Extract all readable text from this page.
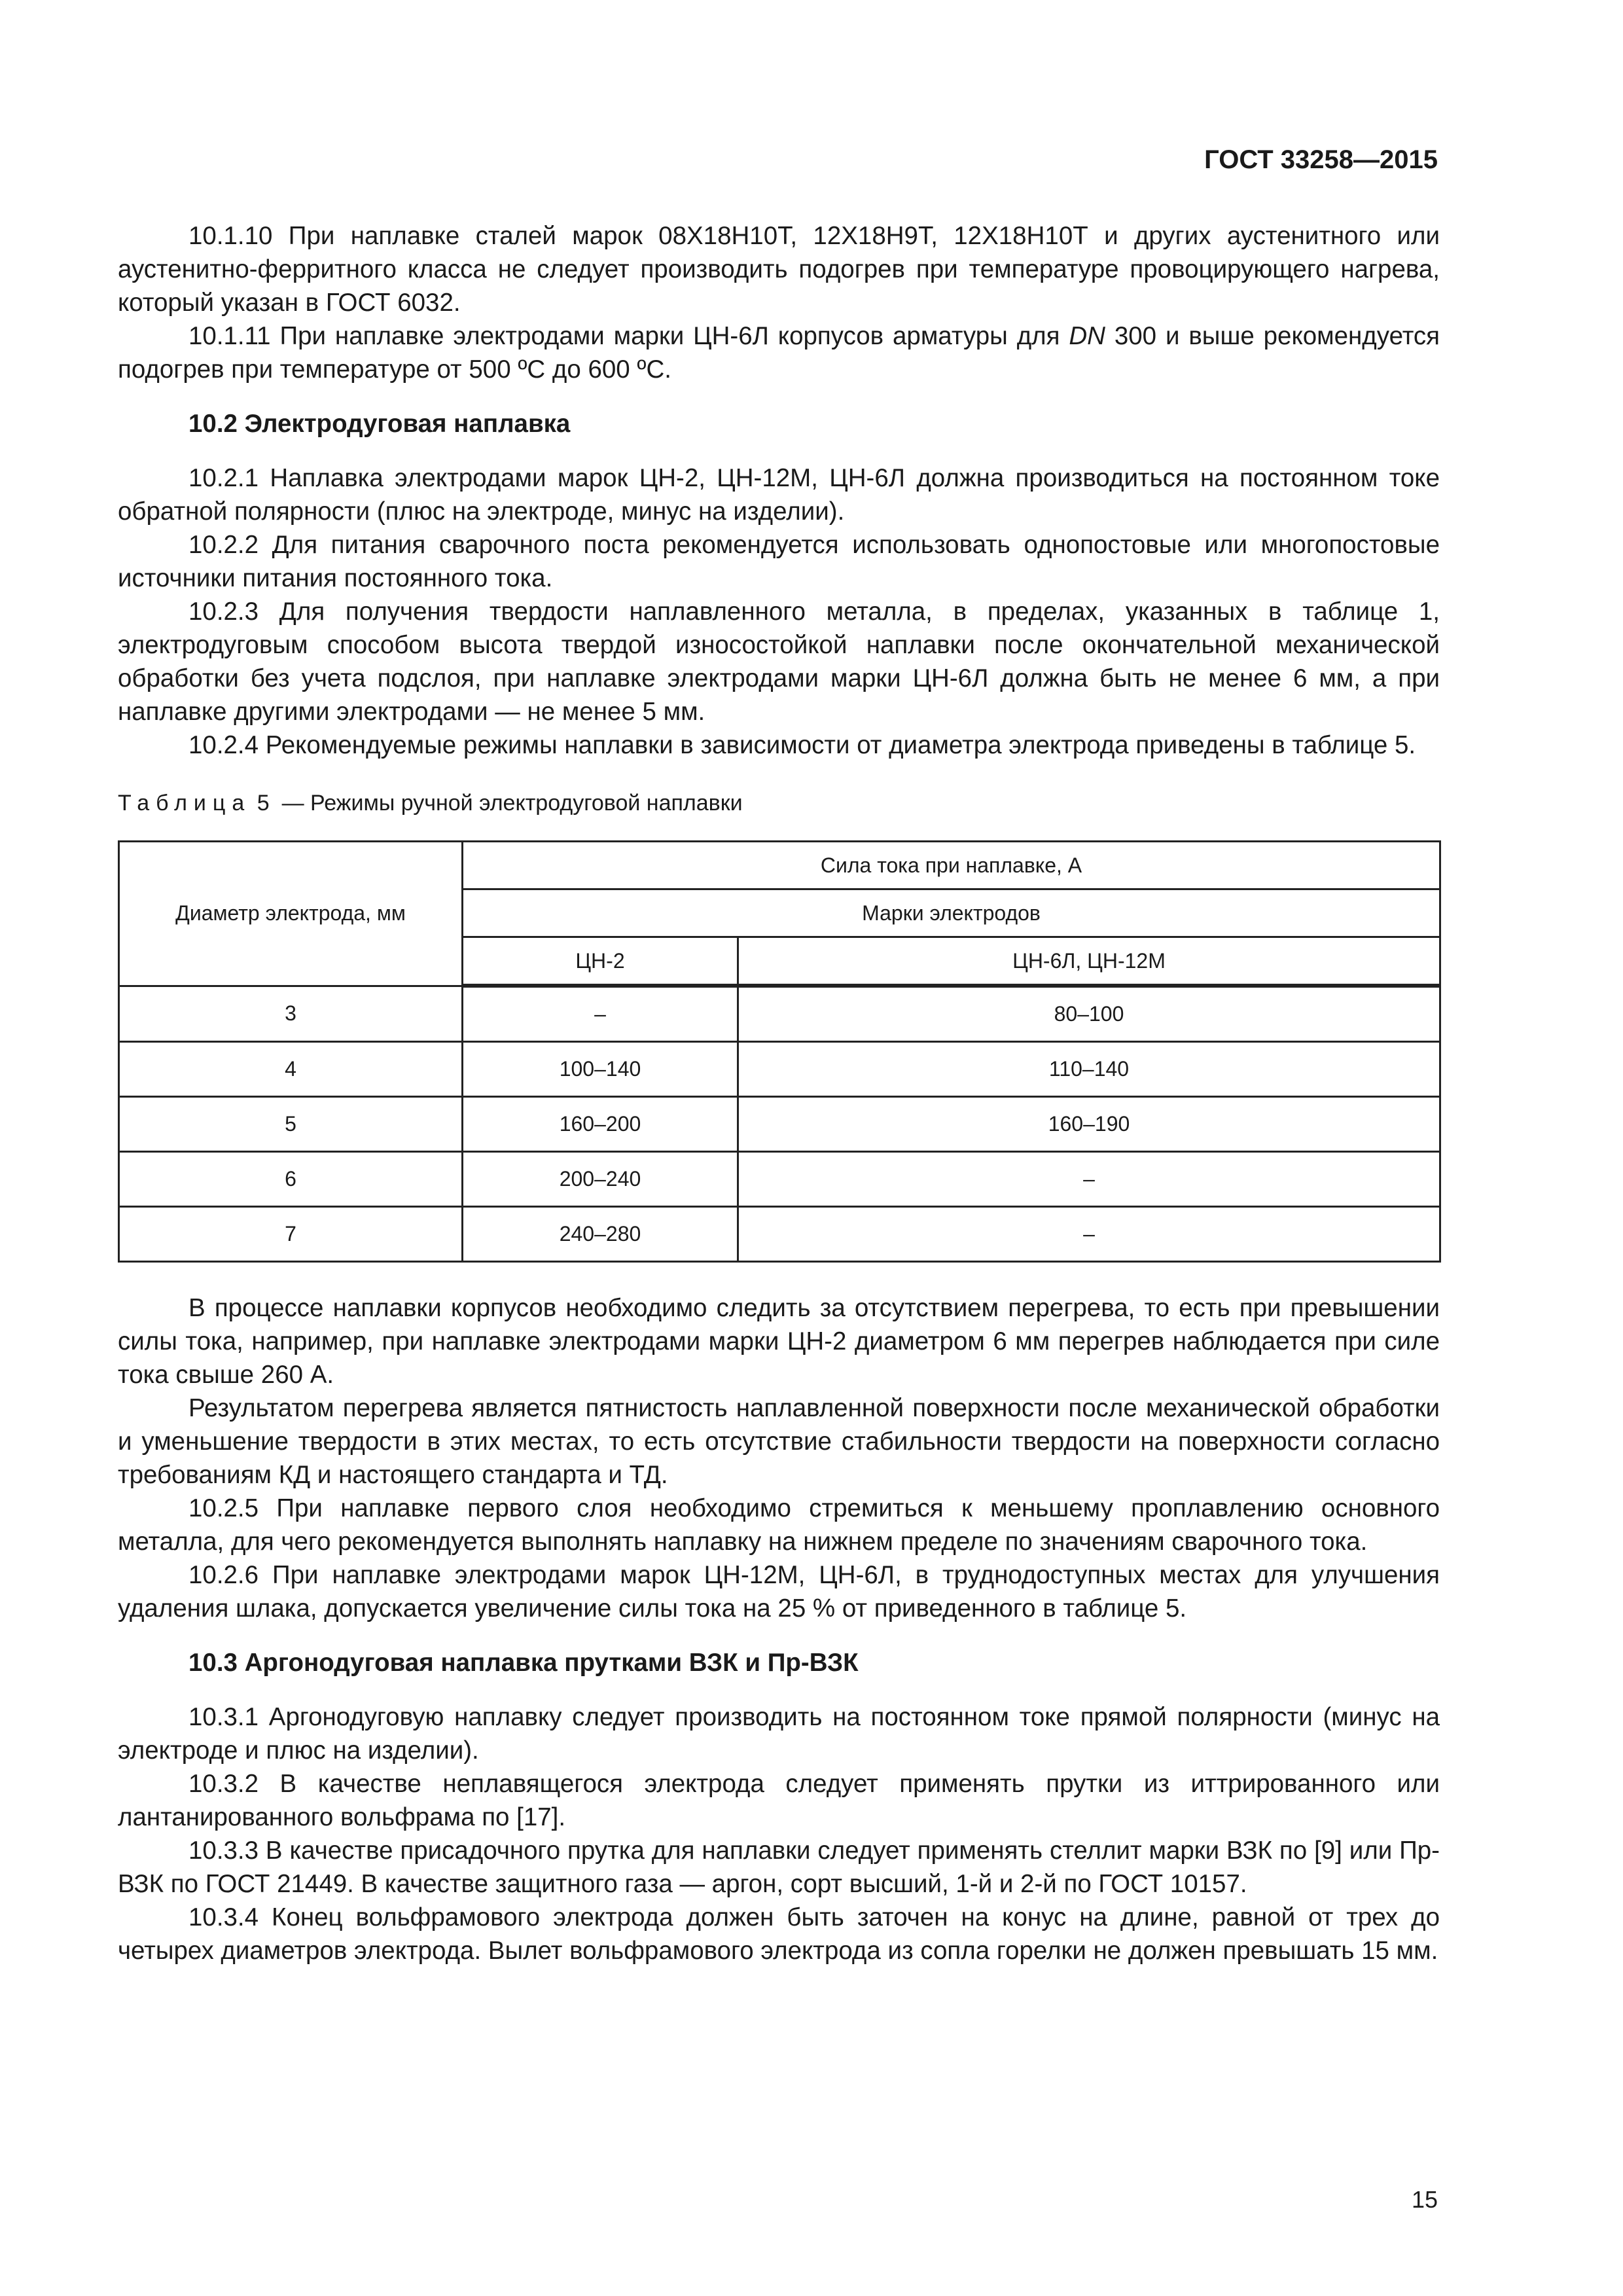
ГОСТ 33258—2015

10.1.10 При наплавке сталей марок 08Х18Н10Т, 12Х18Н9Т, 12Х18Н10Т и других аустенитного или аустенитно-ферритного класса не следует производить подогрев при температуре провоцирующего нагрева, который указан в ГОСТ 6032.

10.1.11 При наплавке электродами марки ЦН-6Л корпусов арматуры для DN 300 и выше рекомендуется подогрев при температуре от 500 ºС до 600 ºС.

10.2 Электродуговая наплавка

10.2.1 Наплавка электродами марок ЦН-2, ЦН-12М, ЦН-6Л должна производиться на постоянном токе обратной полярности (плюс на электроде, минус на изделии).

10.2.2 Для питания сварочного поста рекомендуется использовать однопостовые или многопостовые источники питания постоянного тока.

10.2.3 Для получения твердости наплавленного металла, в пределах, указанных в таблице 1, электродуговым способом высота твердой износостойкой наплавки после окончательной механической обработки без учета подслоя, при наплавке электродами марки ЦН-6Л должна быть не менее 6 мм, а при наплавке другими электродами — не менее 5 мм.

10.2.4 Рекомендуемые режимы наплавки в зависимости от диаметра электрода приведены в таблице 5.

Таблица 5 — Режимы ручной электродуговой наплавки
Диаметр электрода, мм	Сила тока при наплавке, А	
	Марки электродов	
	ЦН-2	ЦН-6Л, ЦН-12М
3	–	80–100
4	100–140	110–140
5	160–200	160–190
6	200–240	–
7	240–280	–

В процессе наплавки корпусов необходимо следить за отсутствием перегрева, то есть при превышении силы тока, например, при наплавке электродами марки ЦН-2 диаметром 6 мм перегрев наблюдается при силе тока свыше 260 А.

Результатом перегрева является пятнистость наплавленной поверхности после механической обработки и уменьшение твердости в этих местах, то есть отсутствие стабильности твердости на поверхности согласно требованиям КД и настоящего стандарта и ТД.

10.2.5 При наплавке первого слоя необходимо стремиться к меньшему проплавлению основного металла, для чего рекомендуется выполнять наплавку на нижнем пределе по значениям сварочного тока.

10.2.6 При наплавке электродами марок ЦН-12М, ЦН-6Л, в труднодоступных местах для улучшения удаления шлака, допускается увеличение силы тока на 25 % от приведенного в таблице 5.

10.3 Аргонодуговая наплавка прутками ВЗК и Пр-ВЗК

10.3.1 Аргонодуговую наплавку следует производить на постоянном токе прямой полярности (минус на электроде и плюс на изделии).

10.3.2 В качестве неплавящегося электрода следует применять прутки из иттрированного или лантанированного вольфрама по [17].

10.3.3 В качестве присадочного прутка для наплавки следует применять стеллит марки ВЗК по [9] или Пр-ВЗК по ГОСТ 21449. В качестве защитного газа — аргон, сорт высший, 1-й и 2-й по ГОСТ 10157.

10.3.4 Конец вольфрамового электрода должен быть заточен на конус на длине, равной от трех до четырех диаметров электрода. Вылет вольфрамового электрода из сопла горелки не должен превышать 15 мм.

15
